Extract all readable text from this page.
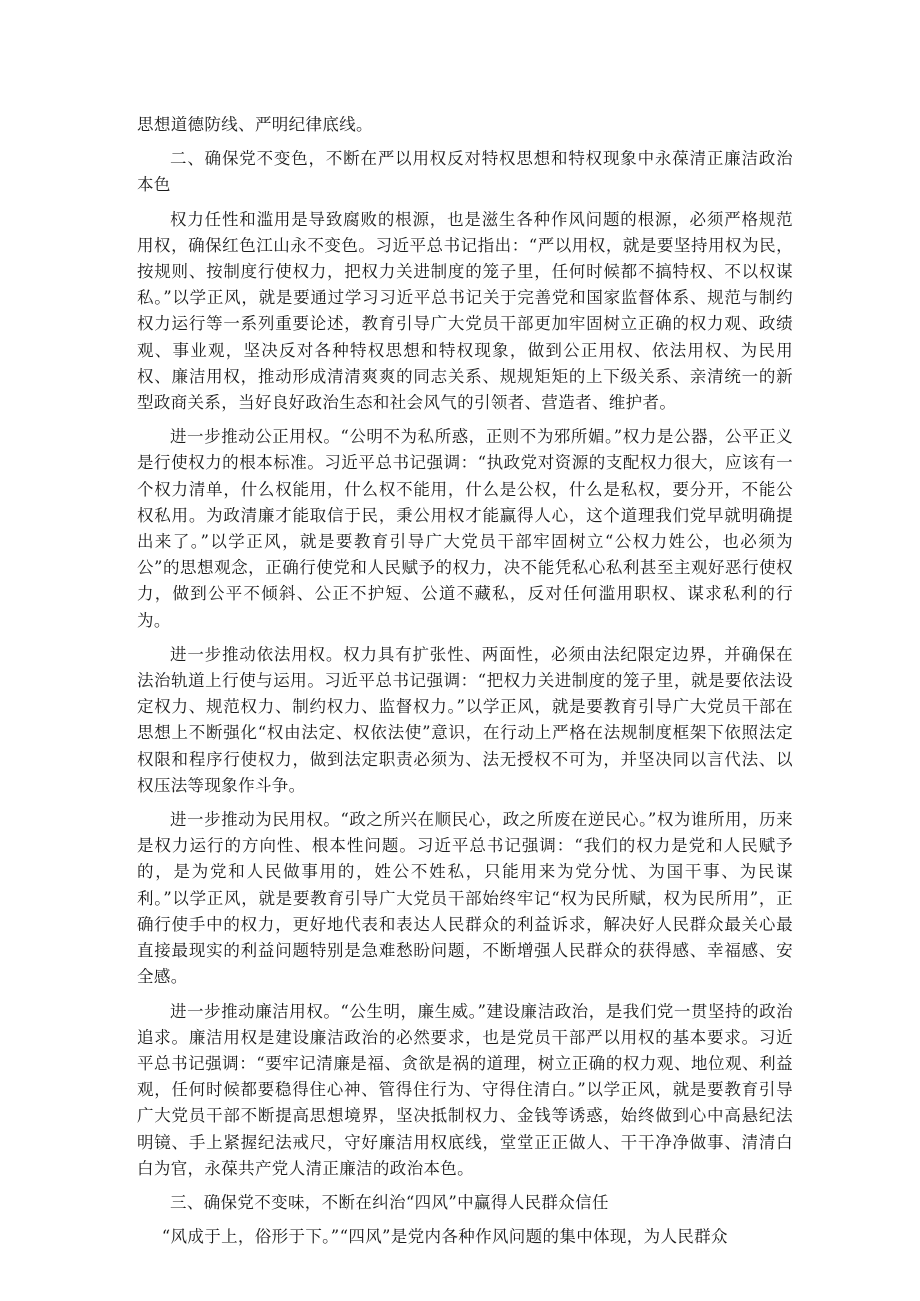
思想道德防线、严明纪律底线。

二、确保党不变色，不断在严以用权反对特权思想和特权现象中永葆清正廉洁政治本色

权力任性和滥用是导致腐败的根源，也是滋生各种作风问题的根源，必须严格规范用权，确保红色江山永不变色。习近平总书记指出：“严以用权，就是要坚持用权为民，按规则、按制度行使权力，把权力关进制度的笼子里，任何时候都不搞特权、不以权谋私。”以学正风，就是要通过学习习近平总书记关于完善党和国家监督体系、规范与制约权力运行等一系列重要论述，教育引导广大党员干部更加牢固树立正确的权力观、政绩观、事业观，坚决反对各种特权思想和特权现象，做到公正用权、依法用权、为民用权、廉洁用权，推动形成清清爽爽的同志关系、规规矩矩的上下级关系、亲清统一的新型政商关系，当好良好政治生态和社会风气的引领者、营造者、维护者。

进一步推动公正用权。“公明不为私所惑，正则不为邪所媚。”权力是公器，公平正义是行使权力的根本标准。习近平总书记强调：“执政党对资源的支配权力很大，应该有一个权力清单，什么权能用，什么权不能用，什么是公权，什么是私权，要分开，不能公权私用。为政清廉才能取信于民，秉公用权才能赢得人心，这个道理我们党早就明确提出来了。”以学正风，就是要教育引导广大党员干部牢固树立“公权力姓公，也必须为公”的思想观念，正确行使党和人民赋予的权力，决不能凭私心私利甚至主观好恶行使权力，做到公平不倾斜、公正不护短、公道不藏私，反对任何滥用职权、谋求私利的行为。

进一步推动依法用权。权力具有扩张性、两面性，必须由法纪限定边界，并确保在法治轨道上行使与运用。习近平总书记强调：“把权力关进制度的笼子里，就是要依法设定权力、规范权力、制约权力、监督权力。”以学正风，就是要教育引导广大党员干部在思想上不断强化“权由法定、权依法使”意识，在行动上严格在法规制度框架下依照法定权限和程序行使权力，做到法定职责必须为、法无授权不可为，并坚决同以言代法、以权压法等现象作斗争。

进一步推动为民用权。“政之所兴在顺民心，政之所废在逆民心。”权为谁所用，历来是权力运行的方向性、根本性问题。习近平总书记强调：“我们的权力是党和人民赋予的，是为党和人民做事用的，姓公不姓私，只能用来为党分忧、为国干事、为民谋利。”以学正风，就是要教育引导广大党员干部始终牢记“权为民所赋，权为民所用”，正确行使手中的权力，更好地代表和表达人民群众的利益诉求，解决好人民群众最关心最直接最现实的利益问题特别是急难愁盼问题，不断增强人民群众的获得感、幸福感、安全感。

进一步推动廉洁用权。“公生明，廉生威。”建设廉洁政治，是我们党一贯坚持的政治追求。廉洁用权是建设廉洁政治的必然要求，也是党员干部严以用权的基本要求。习近平总书记强调：“要牢记清廉是福、贪欲是祸的道理，树立正确的权力观、地位观、利益观，任何时候都要稳得住心神、管得住行为、守得住清白。”以学正风，就是要教育引导广大党员干部不断提高思想境界，坚决抵制权力、金钱等诱惑，始终做到心中高悬纪法明镜、手上紧握纪法戒尺，守好廉洁用权底线，堂堂正正做人、干干净净做事、清清白白为官，永葆共产党人清正廉洁的政治本色。

三、确保党不变味，不断在纠治“四风”中赢得人民群众信任

“风成于上，俗形于下。”“四风”是党内各种作风问题的集中体现，为人民群众
